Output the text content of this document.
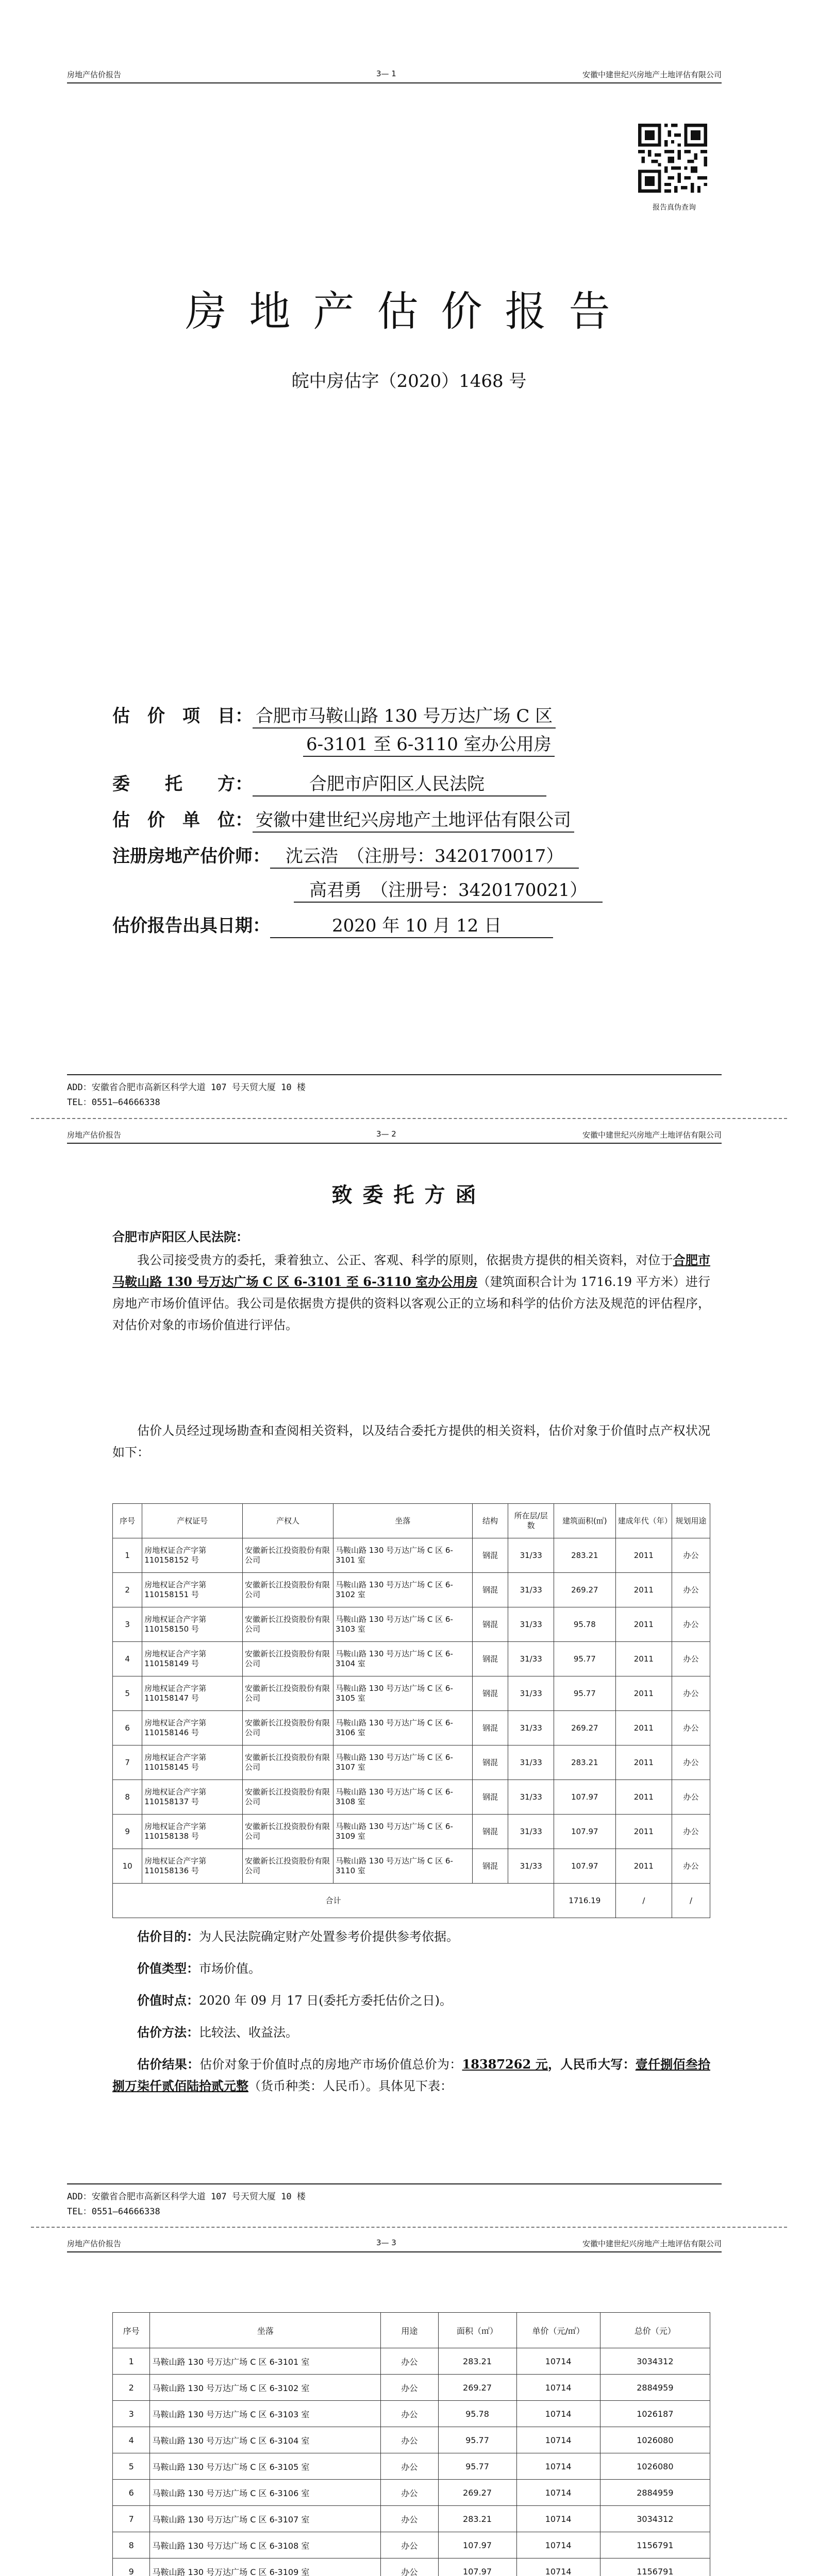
房地产估价报告	3— 1	安徽中建世纪兴房地产土地评估有限公司
报告真伪查询
房地产估价报告
皖中房估字（2020）1468 号
估　价　项　目： 合肥市马鞍山路 130 号万达广场 C 区
6-3101 至 6-3110 室办公用房
委　　托　　方：	合肥市庐阳区人民法院
估　价　单　位： 安徽中建世纪兴房地产土地评估有限公司
注册房地产估价师： 沈云浩　（注册号：3420170017）
高君勇　（注册号：3420170021）
估价报告出具日期：	2020 年 10 月 12 日
ADD：安徽省合肥市高新区科学大道 107 号天贸大厦 10 楼
TEL：0551—64666338
房地产估价报告	3— 2	安徽中建世纪兴房地产土地评估有限公司
致委托方函
合肥市庐阳区人民法院：
我公司接受贵方的委托，秉着独立、公正、客观、科学的原则，依据贵方提供的相关资料，对位于合肥市马鞍山路 130 号万达广场 C 区 6-3101 至 6-3110 室办公用房（建筑面积合计为 1716.19 平方米）进行房地产市场价值评估。我公司是依据贵方提供的资料以客观公正的立场和科学的估价方法及规范的评估程序，对估价对象的市场价值进行评估。
估价人员经过现场勘查和查阅相关资料，以及结合委托方提供的相关资料，估价对象于价值时点产权状况如下：
序号	产权证号	产权人	坐落	结构	所在层/层数	建筑面积(㎡)	建成年代（年）	规划用途
1	房地权证合产字第 110158152 号	安徽新长江投资股份有限公司	马鞍山路 130 号万达广场 C 区 6-3101 室	钢混	31/33	283.21	2011	办公
2	房地权证合产字第 110158151 号	安徽新长江投资股份有限公司	马鞍山路 130 号万达广场 C 区 6-3102 室	钢混	31/33	269.27	2011	办公
3	房地权证合产字第 110158150 号	安徽新长江投资股份有限公司	马鞍山路 130 号万达广场 C 区 6-3103 室	钢混	31/33	95.78	2011	办公
4	房地权证合产字第 110158149 号	安徽新长江投资股份有限公司	马鞍山路 130 号万达广场 C 区 6-3104 室	钢混	31/33	95.77	2011	办公
5	房地权证合产字第 110158147 号	安徽新长江投资股份有限公司	马鞍山路 130 号万达广场 C 区 6-3105 室	钢混	31/33	95.77	2011	办公
6	房地权证合产字第 110158146 号	安徽新长江投资股份有限公司	马鞍山路 130 号万达广场 C 区 6-3106 室	钢混	31/33	269.27	2011	办公
7	房地权证合产字第 110158145 号	安徽新长江投资股份有限公司	马鞍山路 130 号万达广场 C 区 6-3107 室	钢混	31/33	283.21	2011	办公
8	房地权证合产字第 110158137 号	安徽新长江投资股份有限公司	马鞍山路 130 号万达广场 C 区 6-3108 室	钢混	31/33	107.97	2011	办公
9	房地权证合产字第 110158138 号	安徽新长江投资股份有限公司	马鞍山路 130 号万达广场 C 区 6-3109 室	钢混	31/33	107.97	2011	办公
10	房地权证合产字第 110158136 号	安徽新长江投资股份有限公司	马鞍山路 130 号万达广场 C 区 6-3110 室	钢混	31/33	107.97	2011	办公
合计						1716.19	/	/
估价目的：为人民法院确定财产处置参考价提供参考依据。
价值类型：市场价值。
价值时点：2020 年 09 月 17 日(委托方委托估价之日)。
估价方法：比较法、收益法。
估价结果：估价对象于价值时点的房地产市场价值总价为：18387262 元，人民币大写：壹仟捌佰叁拾捌万柒仟贰佰陆拾贰元整（货币种类：人民币）。具体见下表：
ADD：安徽省合肥市高新区科学大道 107 号天贸大厦 10 楼
TEL：0551—64666338
房地产估价报告	3— 3	安徽中建世纪兴房地产土地评估有限公司
序号	坐落	用途	面积（㎡）	单价（元/㎡）	总价（元）
1	马鞍山路 130 号万达广场 C 区 6-3101 室	办公	283.21	10714	3034312
2	马鞍山路 130 号万达广场 C 区 6-3102 室	办公	269.27	10714	2884959
3	马鞍山路 130 号万达广场 C 区 6-3103 室	办公	95.78	10714	1026187
4	马鞍山路 130 号万达广场 C 区 6-3104 室	办公	95.77	10714	1026080
5	马鞍山路 130 号万达广场 C 区 6-3105 室	办公	95.77	10714	1026080
6	马鞍山路 130 号万达广场 C 区 6-3106 室	办公	269.27	10714	2884959
7	马鞍山路 130 号万达广场 C 区 6-3107 室	办公	283.21	10714	3034312
8	马鞍山路 130 号万达广场 C 区 6-3108 室	办公	107.97	10714	1156791
9	马鞍山路 130 号万达广场 C 区 6-3109 室	办公	107.97	10714	1156791
